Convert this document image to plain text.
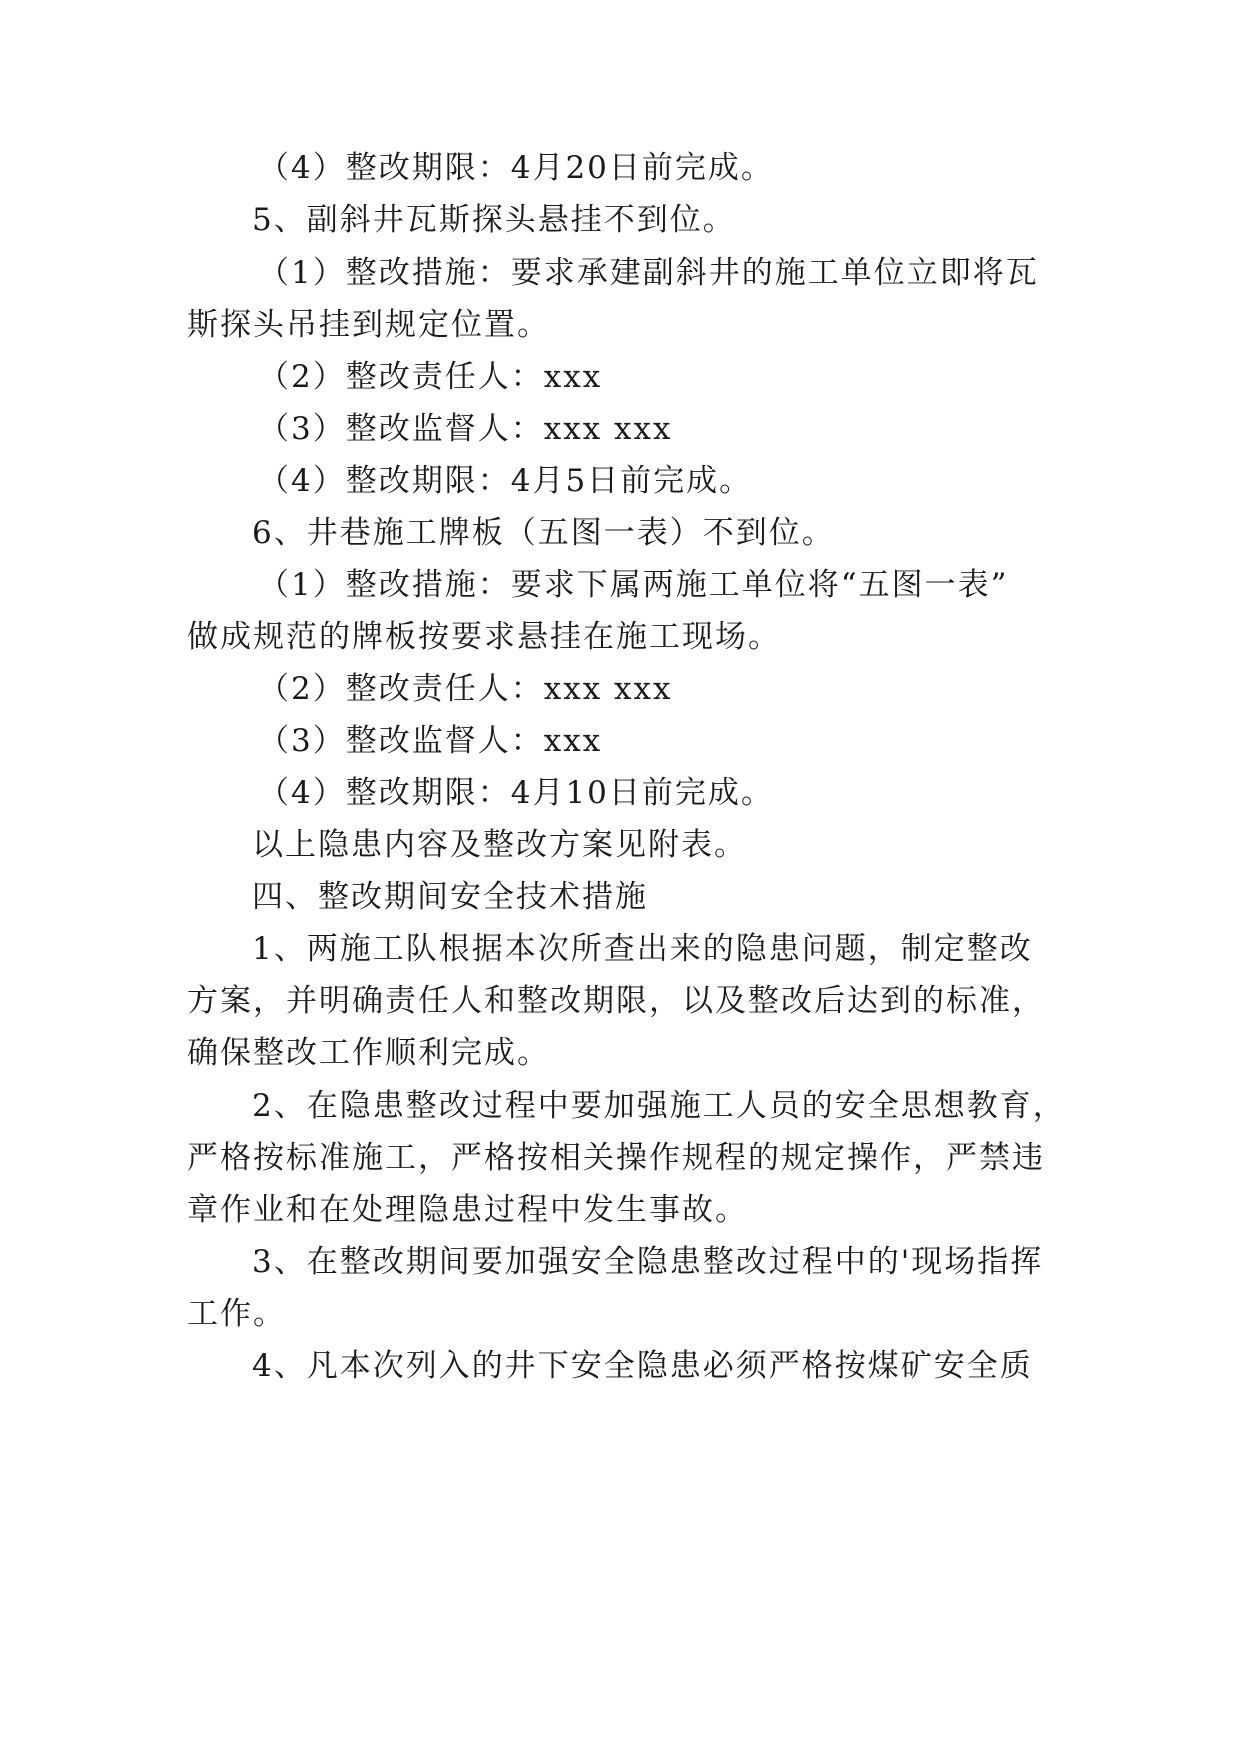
（4）整改期限：4月20日前完成。
5、副斜井瓦斯探头悬挂不到位。
（1）整改措施：要求承建副斜井的施工单位立即将瓦
斯探头吊挂到规定位置。
（2）整改责任人：xxx
（3）整改监督人：xxx xxx
（4）整改期限：4月5日前完成。
6、井巷施工牌板（五图一表）不到位。
（1）整改措施：要求下属两施工单位将“五图一表”
做成规范的牌板按要求悬挂在施工现场。
（2）整改责任人：xxx xxx
（3）整改监督人：xxx
（4）整改期限：4月10日前完成。
以上隐患内容及整改方案见附表。
四、整改期间安全技术措施
1、两施工队根据本次所查出来的隐患问题，制定整改
方案，并明确责任人和整改期限，以及整改后达到的标准，
确保整改工作顺利完成。
2、在隐患整改过程中要加强施工人员的安全思想教育，
严格按标准施工，严格按相关操作规程的规定操作，严禁违
章作业和在处理隐患过程中发生事故。
3、在整改期间要加强安全隐患整改过程中的'现场指挥
工作。
4、凡本次列入的井下安全隐患必须严格按煤矿安全质
